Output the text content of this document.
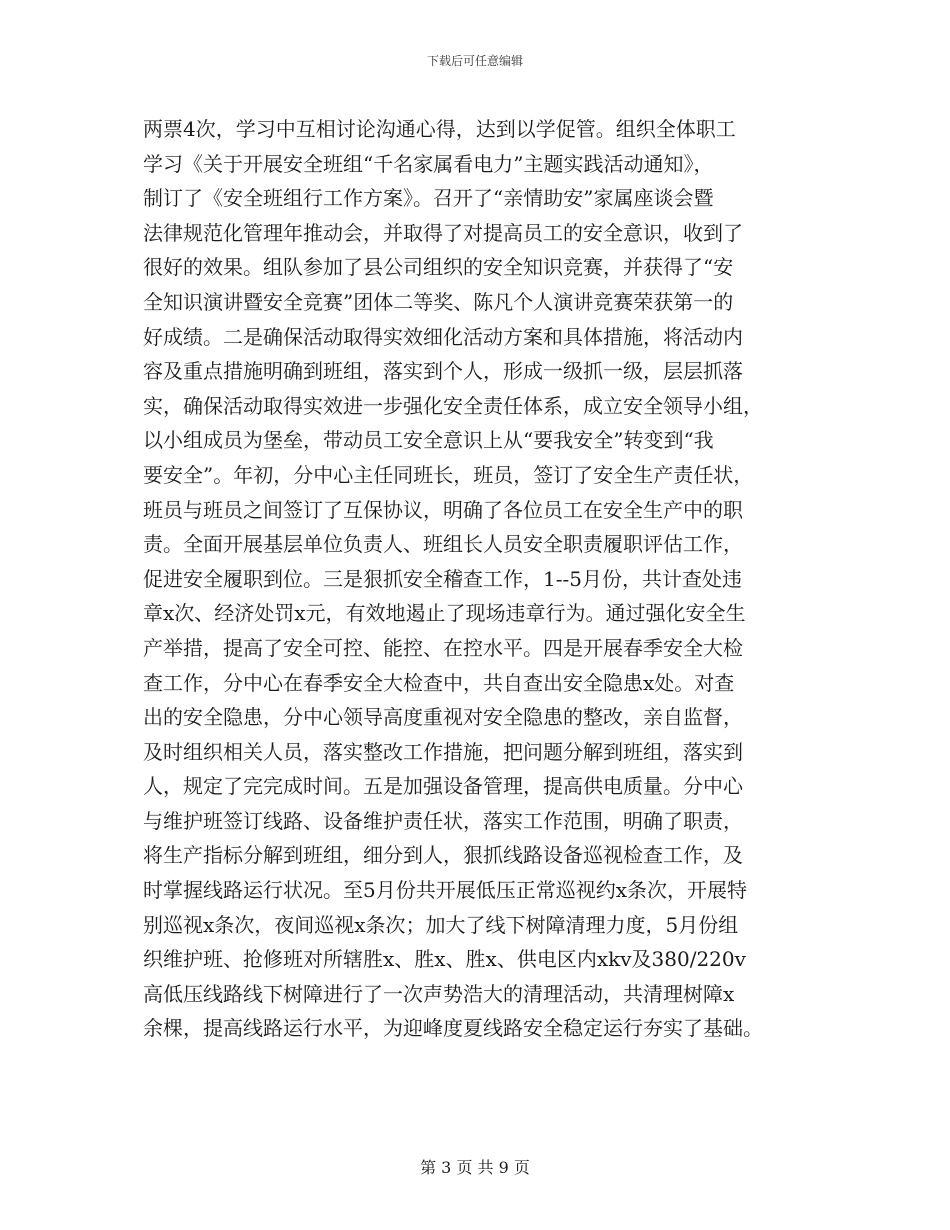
下载后可任意编辑
两票4次，学习中互相讨论沟通心得，达到以学促管。组织全体职工
学习《关于开展安全班组“千名家属看电力”主题实践活动通知》，
制订了《安全班组行工作方案》。召开了“亲情助安”家属座谈会暨
法律规范化管理年推动会，并取得了对提高员工的安全意识，收到了
很好的效果。组队参加了县公司组织的安全知识竞赛，并获得了“安
全知识演讲暨安全竞赛”团体二等奖、陈凡个人演讲竞赛荣获第一的
好成绩。二是确保活动取得实效细化活动方案和具体措施，将活动内
容及重点措施明确到班组，落实到个人，形成一级抓一级，层层抓落
实，确保活动取得实效进一步强化安全责任体系，成立安全领导小组，
以小组成员为堡垒，带动员工安全意识上从“要我安全”转变到“我
要安全”。年初，分中心主任同班长，班员，签订了安全生产责任状，
班员与班员之间签订了互保协议，明确了各位员工在安全生产中的职
责。全面开展基层单位负责人、班组长人员安全职责履职评估工作，
促进安全履职到位。三是狠抓安全稽查工作，1--5月份，共计查处违
章x次、经济处罚x元，有效地遏止了现场违章行为。通过强化安全生
产举措，提高了安全可控、能控、在控水平。四是开展春季安全大检
查工作，分中心在春季安全大检查中，共自查出安全隐患x处。对查
出的安全隐患，分中心领导高度重视对安全隐患的整改，亲自监督，
及时组织相关人员，落实整改工作措施，把问题分解到班组，落实到
人，规定了完完成时间。五是加强设备管理，提高供电质量。分中心
与维护班签订线路、设备维护责任状，落实工作范围，明确了职责，
将生产指标分解到班组，细分到人，狠抓线路设备巡视检查工作，及
时掌握线路运行状况。至5月份共开展低压正常巡视约x条次，开展特
别巡视x条次，夜间巡视x条次；加大了线下树障清理力度，5月份组
织维护班、抢修班对所辖胜x、胜x、胜x、供电区内xkv及380/220v
高低压线路线下树障进行了一次声势浩大的清理活动，共清理树障x
余棵，提高线路运行水平，为迎峰度夏线路安全稳定运行夯实了基础。
第 3 页 共 9 页
